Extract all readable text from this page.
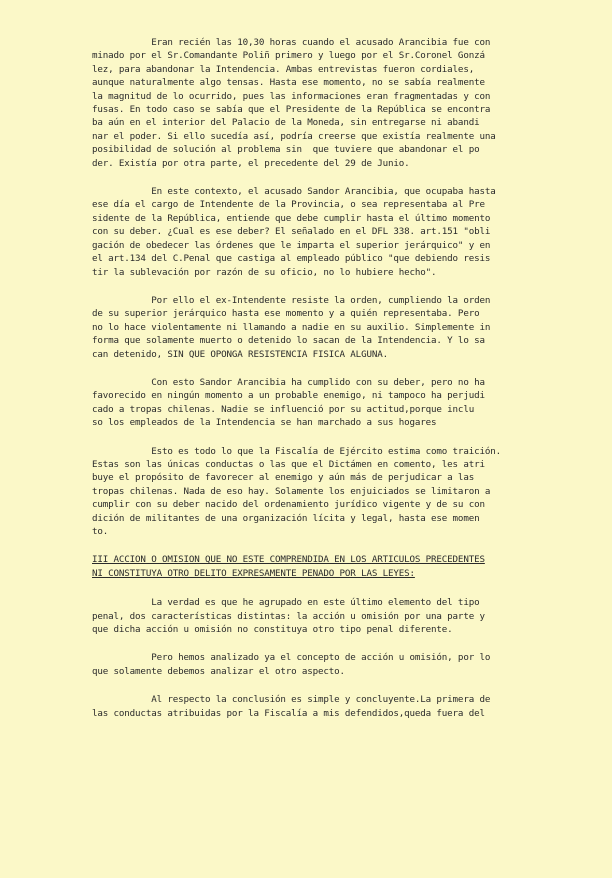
Eran recién las 10,30 horas cuando el acusado Arancibia fue con
minado por el Sr.Comandante Poliñ primero y luego por el Sr.Coronel Gonzá
lez, para abandonar la Intendencia. Ambas entrevistas fueron cordiales,
aunque naturalmente algo tensas. Hasta ese momento, no se sabía realmente
la magnitud de lo ocurrido, pues las informaciones eran fragmentadas y con
fusas. En todo caso se sabía que el Presidente de la República se encontra
ba aún en el interior del Palacio de la Moneda, sin entregarse ni abandi
nar el poder. Si ello sucedía así, podría creerse que existía realmente una
posibilidad de solución al problema sin  que tuviere que abandonar el po
der. Existía por otra parte, el precedente del 29 de Junio.
En este contexto, el acusado Sandor Arancibia, que ocupaba hasta
ese día el cargo de Intendente de la Provincia, o sea representaba al Pre
sidente de la República, entiende que debe cumplir hasta el último momento
con su deber. ¿Cual es ese deber? El señalado en el DFL 338. art.151 "obli
gación de obedecer las órdenes que le imparta el superior jerárquico" y en
el art.134 del C.Penal que castiga al empleado público "que debiendo resis
tir la sublevación por razón de su oficio, no lo hubiere hecho".
Por ello el ex-Intendente resiste la orden, cumpliendo la orden
de su superior jerárquico hasta ese momento y a quién representaba. Pero
no lo hace violentamente ni llamando a nadie en su auxilio. Simplemente in
forma que solamente muerto o detenido lo sacan de la Intendencia. Y lo sa
can detenido, SIN QUE OPONGA RESISTENCIA FISICA ALGUNA.
Con esto Sandor Arancibia ha cumplido con su deber, pero no ha
favorecido en ningún momento a un probable enemigo, ni tampoco ha perjudi
cado a tropas chilenas. Nadie se influenció por su actitud,porque inclu
so los empleados de la Intendencia se han marchado a sus hogares
Esto es todo lo que la Fiscalía de Ejército estima como traición.
Estas son las únicas conductas o las que el Dictámen en comento, les atri
buye el propósito de favorecer al enemigo y aún más de perjudicar a las
tropas chilenas. Nada de eso hay. Solamente los enjuiciados se limitaron a
cumplir con su deber nacido del ordenamiento jurídico vigente y de su con
dición de militantes de una organización lícita y legal, hasta ese momen
to.
III ACCION O OMISION QUE NO ESTE COMPRENDIDA EN LOS ARTICULOS PRECEDENTES
NI CONSTITUYA OTRO DELITO EXPRESAMENTE PENADO POR LAS LEYES:
La verdad es que he agrupado en este último elemento del tipo
penal, dos características distintas: la acción u omisión por una parte y
que dicha acción u omisión no constituya otro tipo penal diferente.
Pero hemos analizado ya el concepto de acción u omisión, por lo
que solamente debemos analizar el otro aspecto.
Al respecto la conclusión es simple y concluyente.La primera de
las conductas atribuidas por la Fiscalía a mis defendidos,queda fuera del
